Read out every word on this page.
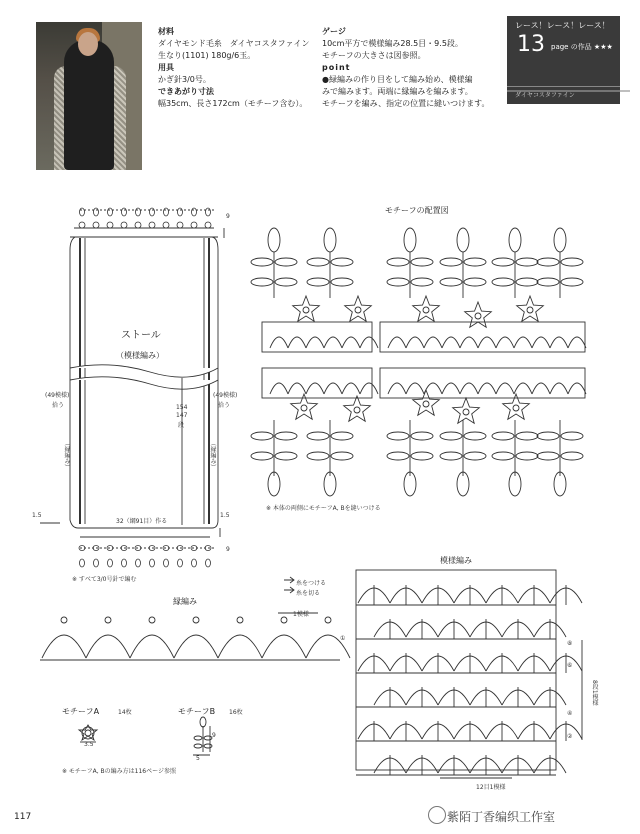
材料
ダイヤモンド毛糸　ダイヤコスタファイン
生なり(1101) 180g/6玉。
用具
かぎ針3/0号。
できあがり寸法
幅35cm、長さ172cm（モチーフ含む）。
ゲージ
10cm平方で模様編み28.5目・9.5段。
モチーフの大きさは図参照。
point
●緑編みの作り目をして編み始め、模様編
みで編みます。両端に縁編みを編みます。
モチーフを編み、指定の位置に縫いつけます。
レース！レース！レース！
13 page の作品 ★★★
ダイヤコスタファイン
ストール
（模様編み）
(49模様)
拾う
(49模様)
拾う
154
147
段
（縁編み）	（縁編み）
32（綱91目）作る
1.5	1.5
9
9
※ すべて3/0号針で編む
モチーフの配置図
※ 本体の両側にモチーフA, Bを縫いつける
縁編み
糸をつける
糸を切る
1模様
①
モチーフA	14枚
3.5
モチーフB 16枚
9
5
※ モチーフA, Bの編み方は116ページ参照
模様編み
8段1模様
12目1模様
⑧
⑥
④
②
117	紫陌丁香编织工作室
